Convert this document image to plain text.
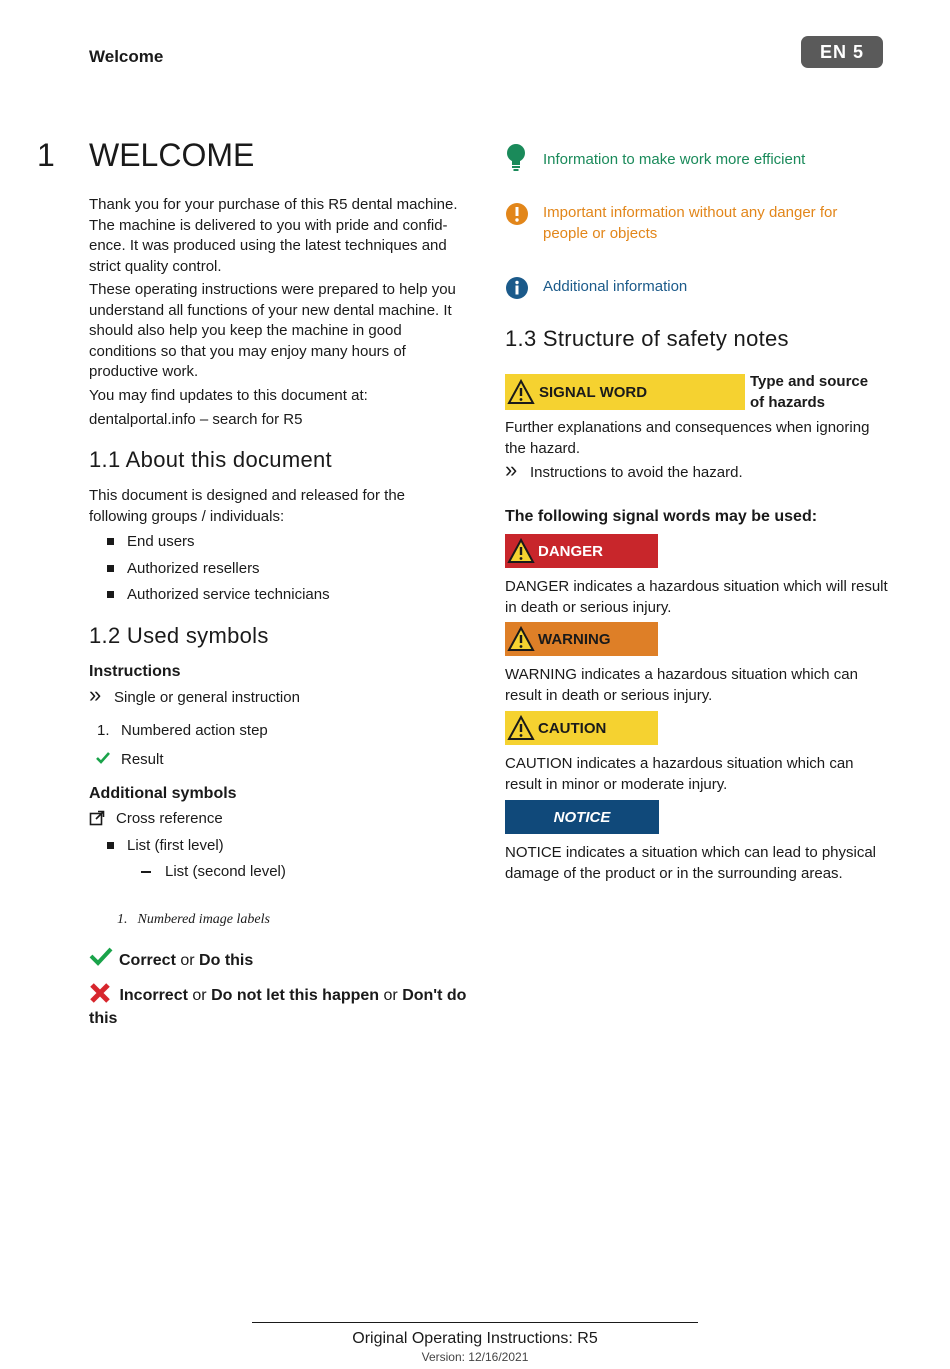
Welcome	EN 5
1 WELCOME
Thank you for your purchase of this R5 dental machine. The machine is delivered to you with pride and confid-ence. It was produced using the latest techniques and strict quality control.
These operating instructions were prepared to help you understand all functions of your new dental machine. It should also help you keep the machine in good conditions so that you may enjoy many hours of productive work.
You may find updates to this document at:
dentalportal.info – search for R5
1.1 About this document
This document is designed and released for the following groups / individuals:
End users
Authorized resellers
Authorized service technicians
1.2 Used symbols
Instructions
» Single or general instruction
1. Numbered action step
Result
Additional symbols
Cross reference
List (first level)
List (second level)
1. Numbered image labels
Correct or Do this
Incorrect or Do not let this happen or Don't do
this
Information to make work more efficient
Important information without any danger for people or objects
Additional information
1.3 Structure of safety notes
SIGNAL WORD
Type and source
of hazards
Further explanations and consequences when ignoring the hazard.
» Instructions to avoid the hazard.
The following signal words may be used:
DANGER
DANGER indicates a hazardous situation which will result in death or serious injury.
WARNING
WARNING indicates a hazardous situation which can result in death or serious injury.
CAUTION
CAUTION indicates a hazardous situation which can result in minor or moderate injury.
NOTICE
NOTICE indicates a situation which can lead to physical damage of the product or in the surrounding areas.
Original Operating Instructions: R5
Version: 12/16/2021
